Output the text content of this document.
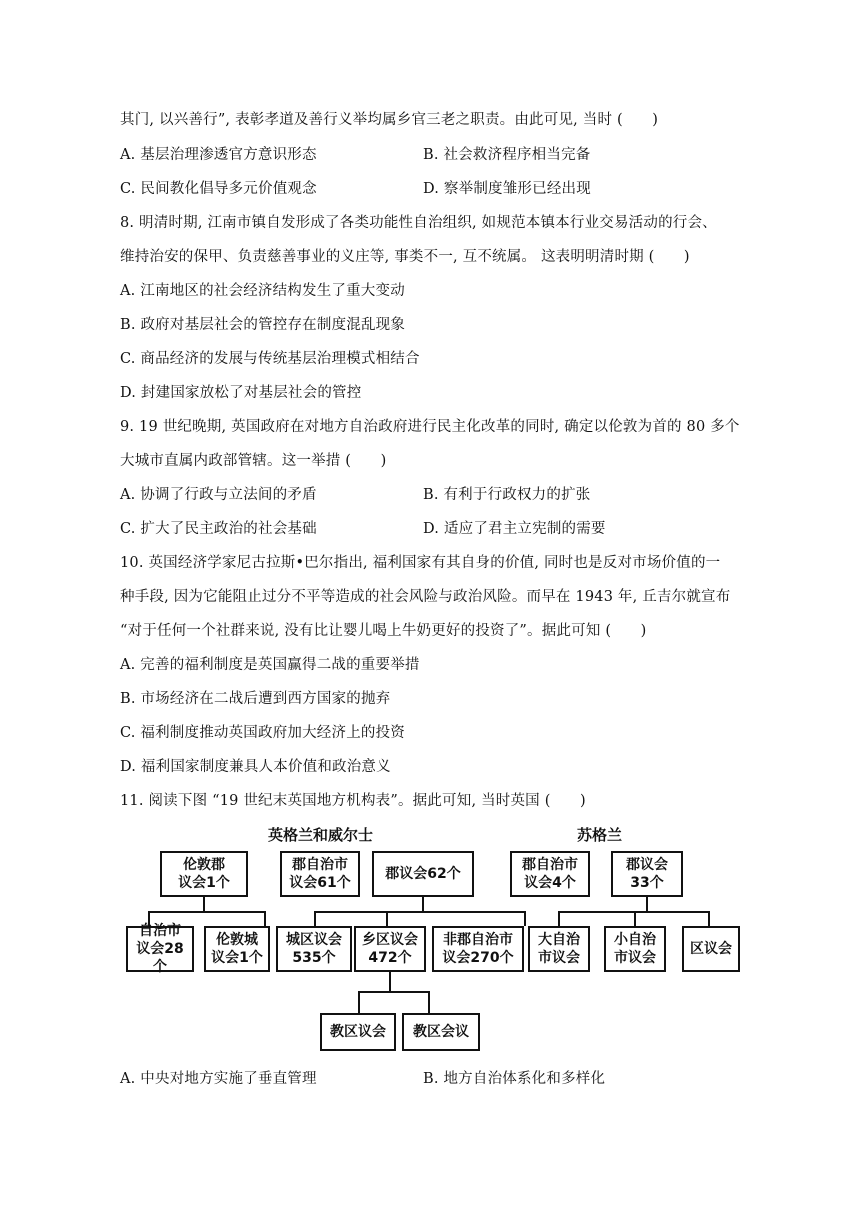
其门, 以兴善行”, 表彰孝道及善行义举均属乡官三老之职责。由此可见, 当时 (　　)
A. 基层治理渗透官方意识形态	B. 社会救济程序相当完备
C. 民间教化倡导多元价值观念	D. 察举制度雏形已经出现
8. 明清时期, 江南市镇自发形成了各类功能性自治组织, 如规范本镇本行业交易活动的行会、
维持治安的保甲、负责慈善事业的义庄等, 事类不一, 互不统属。 这表明明清时期 (　　)
A. 江南地区的社会经济结构发生了重大变动
B. 政府对基层社会的管控存在制度混乱现象
C. 商品经济的发展与传统基层治理模式相结合
D. 封建国家放松了对基层社会的管控
9. 19 世纪晚期, 英国政府在对地方自治政府进行民主化改革的同时, 确定以伦敦为首的 80 多个
大城市直属内政部管辖。这一举措 (　　)
A. 协调了行政与立法间的矛盾	B. 有利于行政权力的扩张
C. 扩大了民主政治的社会基础	D. 适应了君主立宪制的需要
10. 英国经济学家尼古拉斯•巴尔指出, 福利国家有其自身的价值, 同时也是反对市场价值的一
种手段, 因为它能阻止过分不平等造成的社会风险与政治风险。而早在 1943 年, 丘吉尔就宣布
“对于任何一个社群来说, 没有比让婴儿喝上牛奶更好的投资了”。据此可知 (　　)
A. 完善的福利制度是英国赢得二战的重要举措
B. 市场经济在二战后遭到西方国家的抛弃
C. 福利制度推动英国政府加大经济上的投资
D. 福利国家制度兼具人本价值和政治意义
11. 阅读下图 “19 世纪末英国地方机构表”。据此可知, 当时英国 (　　)
英格兰和威尔士	苏格兰
伦敦郡
议会1个
郡自治市
议会61个
郡议会62个
郡自治市
议会4个
郡议会
33个
自治市
议会28个
伦敦城
议会1个
城区议会
535个
乡区议会
472个
非郡自治市
议会270个
大自治
市议会
小自治
市议会
区议会
教区议会	教区会议
A. 中央对地方实施了垂直管理	B. 地方自治体系化和多样化
